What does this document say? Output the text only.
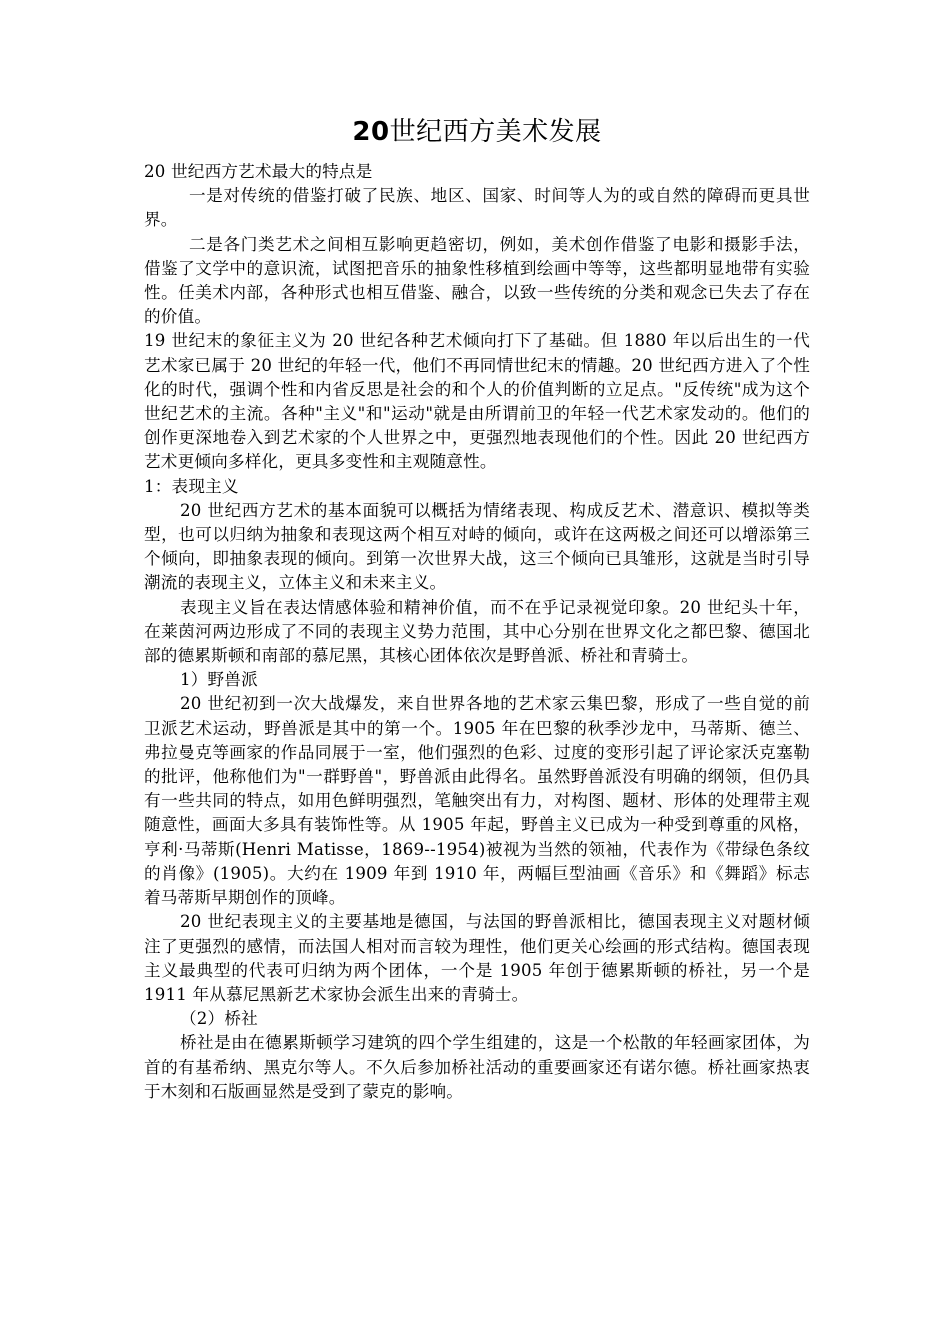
20世纪西方美术发展

20 世纪西方艺术最大的特点是

一是对传统的借鉴打破了民族、地区、国家、时间等人为的或自然的障碍而更具世界。

二是各门类艺术之间相互影响更趋密切，例如，美术创作借鉴了电影和摄影手法，借鉴了文学中的意识流，试图把音乐的抽象性移植到绘画中等等，这些都明显地带有实验性。任美术内部，各种形式也相互借鉴、融合，以致一些传统的分类和观念已失去了存在的价值。

19 世纪末的象征主义为 20 世纪各种艺术倾向打下了基础。但 1880 年以后出生的一代艺术家已属于 20 世纪的年轻一代，他们不再同情世纪末的情趣。20 世纪西方进入了个性化的时代，强调个性和内省反思是社会的和个人的价值判断的立足点。"反传统"成为这个世纪艺术的主流。各种"主义"和"运动"就是由所谓前卫的年轻一代艺术家发动的。他们的创作更深地卷入到艺术家的个人世界之中，更强烈地表现他们的个性。因此 20 世纪西方艺术更倾向多样化，更具多变性和主观随意性。

1：表现主义

20 世纪西方艺术的基本面貌可以概括为情绪表现、构成反艺术、潜意识、模拟等类型，也可以归纳为抽象和表现这两个相互对峙的倾向，或许在这两极之间还可以增添第三个倾向，即抽象表现的倾向。到第一次世界大战，这三个倾向已具雏形，这就是当时引导潮流的表现主义，立体主义和未来主义。

表现主义旨在表达情感体验和精神价值，而不在乎记录视觉印象。20 世纪头十年，在莱茵河两边形成了不同的表现主义势力范围，其中心分别在世界文化之都巴黎、德国北部的德累斯顿和南部的慕尼黑，其核心团体依次是野兽派、桥社和青骑士。

1）野兽派

20 世纪初到一次大战爆发，来自世界各地的艺术家云集巴黎，形成了一些自觉的前卫派艺术运动，野兽派是其中的第一个。1905 年在巴黎的秋季沙龙中，马蒂斯、德兰、弗拉曼克等画家的作品同展于一室，他们强烈的色彩、过度的变形引起了评论家沃克塞勒的批评，他称他们为"一群野兽"，野兽派由此得名。虽然野兽派没有明确的纲领，但仍具有一些共同的特点，如用色鲜明强烈，笔触突出有力，对构图、题材、形体的处理带主观随意性，画面大多具有装饰性等。从 1905 年起，野兽主义已成为一种受到尊重的风格，亨利·马蒂斯(Henri Matisse，1869--1954)被视为当然的领袖，代表作为《带绿色条纹的肖像》(1905)。大约在 1909 年到 1910 年，两幅巨型油画《音乐》和《舞蹈》标志着马蒂斯早期创作的顶峰。

20 世纪表现主义的主要基地是德国，与法国的野兽派相比，德国表现主义对题材倾注了更强烈的感情，而法国人相对而言较为理性，他们更关心绘画的形式结构。德国表现主义最典型的代表可归纳为两个团体，一个是 1905 年创于德累斯顿的桥社，另一个是 1911 年从慕尼黑新艺术家协会派生出来的青骑士。

（2）桥社

桥社是由在德累斯顿学习建筑的四个学生组建的，这是一个松散的年轻画家团体，为首的有基希纳、黑克尔等人。不久后参加桥社活动的重要画家还有诺尔德。桥社画家热衷于木刻和石版画显然是受到了蒙克的影响。
